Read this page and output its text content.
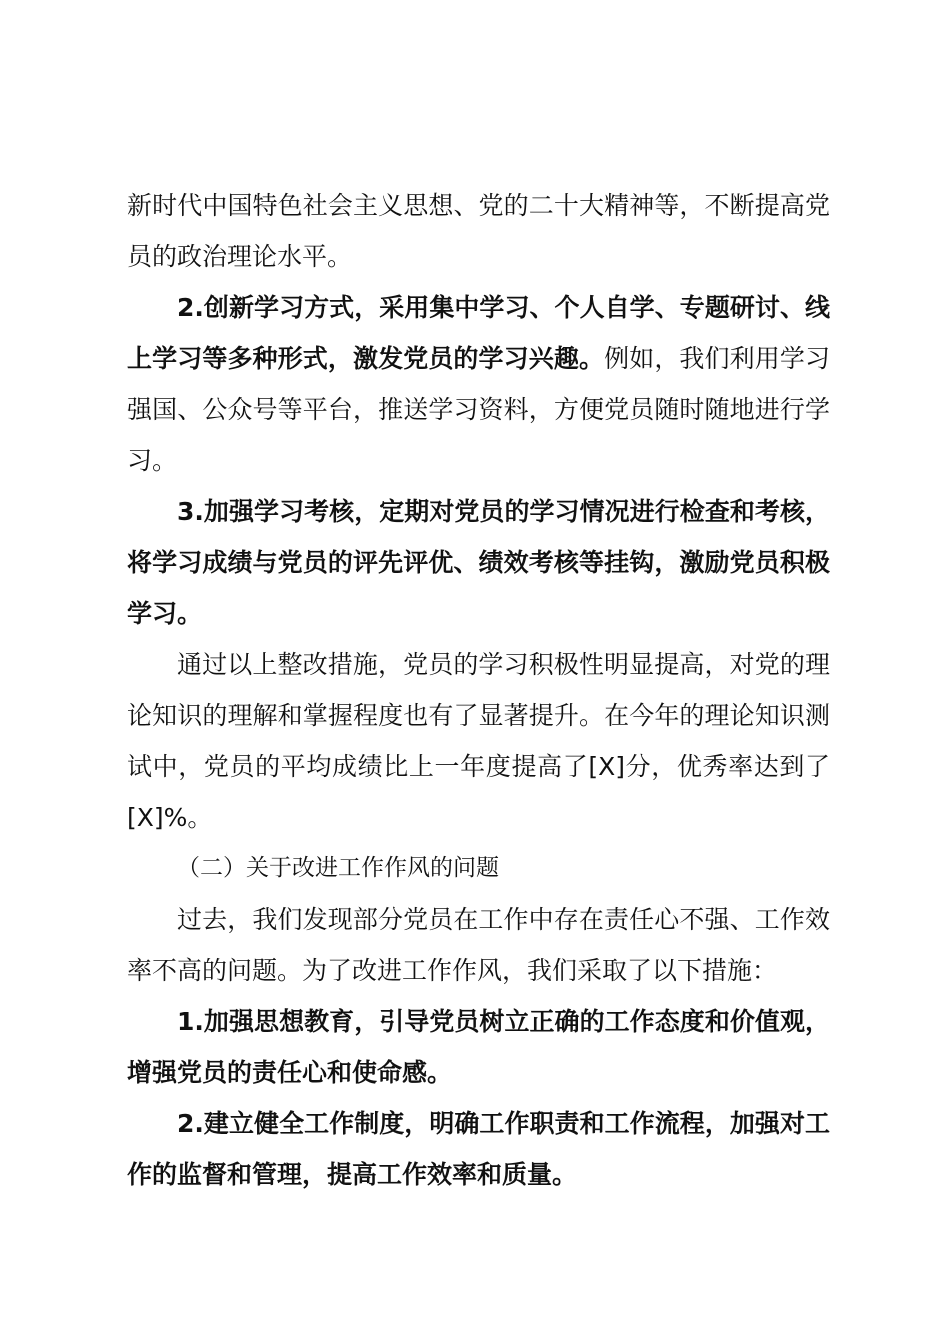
新时代中国特色社会主义思想、党的二十大精神等，不断提高党员的政治理论水平。

2.创新学习方式，采用集中学习、个人自学、专题研讨、线上学习等多种形式，激发党员的学习兴趣。例如，我们利用学习强国、公众号等平台，推送学习资料，方便党员随时随地进行学习。

3.加强学习考核，定期对党员的学习情况进行检查和考核，将学习成绩与党员的评先评优、绩效考核等挂钩，激励党员积极学习。

通过以上整改措施，党员的学习积极性明显提高，对党的理论知识的理解和掌握程度也有了显著提升。在今年的理论知识测试中，党员的平均成绩比上一年度提高了[X]分，优秀率达到了[X]%。

（二）关于改进工作作风的问题

过去，我们发现部分党员在工作中存在责任心不强、工作效率不高的问题。为了改进工作作风，我们采取了以下措施：

1.加强思想教育，引导党员树立正确的工作态度和价值观，增强党员的责任心和使命感。

2.建立健全工作制度，明确工作职责和工作流程，加强对工作的监督和管理，提高工作效率和质量。
